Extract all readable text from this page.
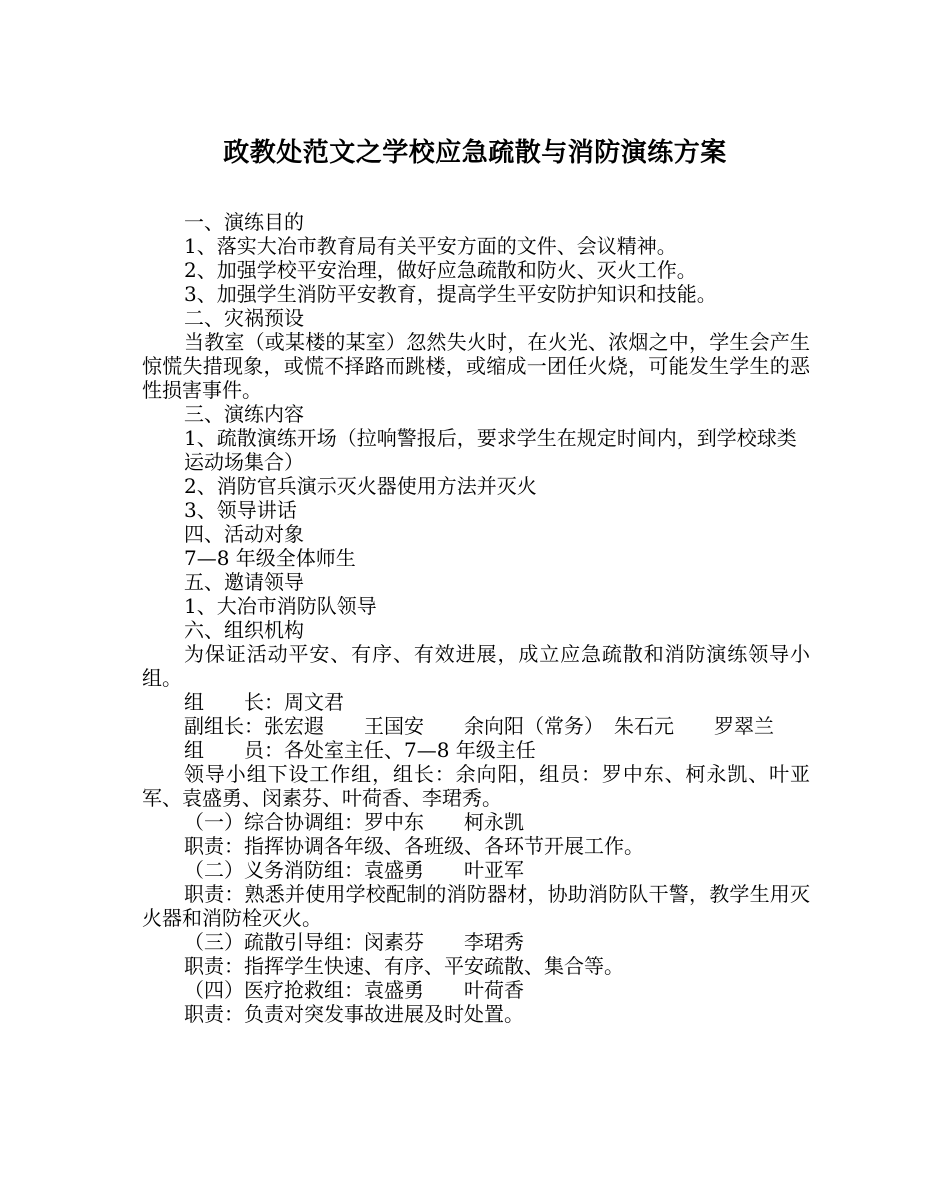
政教处范文之学校应急疏散与消防演练方案

一、演练目的

1、落实大冶市教育局有关平安方面的文件、会议精神。

2、加强学校平安治理，做好应急疏散和防火、灭火工作。

3、加强学生消防平安教育，提高学生平安防护知识和技能。

二、灾祸预设

当教室（或某楼的某室）忽然失火时，在火光、浓烟之中，学生会产生惊慌失措现象，或慌不择路而跳楼，或缩成一团任火烧，可能发生学生的恶性损害事件。

三、演练内容

1、疏散演练开场（拉响警报后，要求学生在规定时间内，到学校球类

运动场集合）

2、消防官兵演示灭火器使用方法并灭火

3、领导讲话

四、活动对象

7—8 年级全体师生

五、邀请领导

1、大冶市消防队领导

六、组织机构

为保证活动平安、有序、有效进展，成立应急疏散和消防演练领导小组。

组　　长：周文君

副组长：张宏遐　　王国安　　余向阳（常务）　朱石元　　罗翠兰

组　　员：各处室主任、7—8 年级主任

领导小组下设工作组，组长：余向阳，组员：罗中东、柯永凯、叶亚军、袁盛勇、闵素芬、叶荷香、李珺秀。

（一）综合协调组：罗中东　　柯永凯

职责：指挥协调各年级、各班级、各环节开展工作。

（二）义务消防组：袁盛勇　　叶亚军

职责：熟悉并使用学校配制的消防器材，协助消防队干警，教学生用灭火器和消防栓灭火。

（三）疏散引导组：闵素芬　　李珺秀

职责：指挥学生快速、有序、平安疏散、集合等。

（四）医疗抢救组：袁盛勇　　叶荷香

职责：负责对突发事故进展及时处置。
